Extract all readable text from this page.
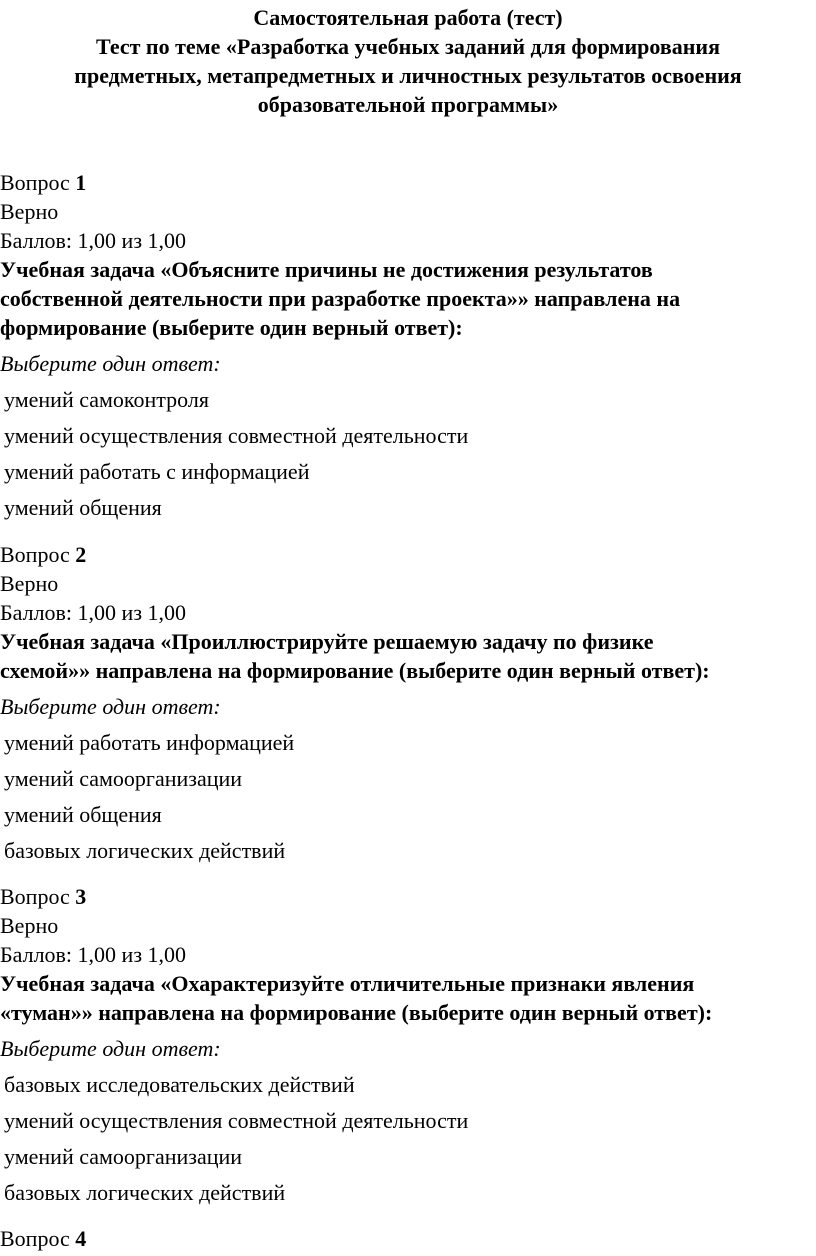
Самостоятельная работа (тест)
Тест по теме «Разработка учебных заданий для формирования
предметных, метапредметных и личностных результатов освоения
образовательной программы»
Вопрос 1
Верно
Баллов: 1,00 из 1,00
Учебная задача «Объясните причины не достижения результатов
собственной деятельности при разработке проекта»» направлена на
формирование (выберите один верный ответ):
Выберите один ответ:
умений самоконтроля
умений осуществления совместной деятельности
умений работать с информацией
умений общения
Вопрос 2
Верно
Баллов: 1,00 из 1,00
Учебная задача «Проиллюстрируйте решаемую задачу по физике
схемой»» направлена на формирование (выберите один верный ответ):
Выберите один ответ:
умений работать информацией
умений самоорганизации
умений общения
базовых логических действий
Вопрос 3
Верно
Баллов: 1,00 из 1,00
Учебная задача «Охарактеризуйте отличительные признаки явления
«туман»» направлена на формирование (выберите один верный ответ):
Выберите один ответ:
базовых исследовательских действий
умений осуществления совместной деятельности
умений самоорганизации
базовых логических действий
Вопрос 4
